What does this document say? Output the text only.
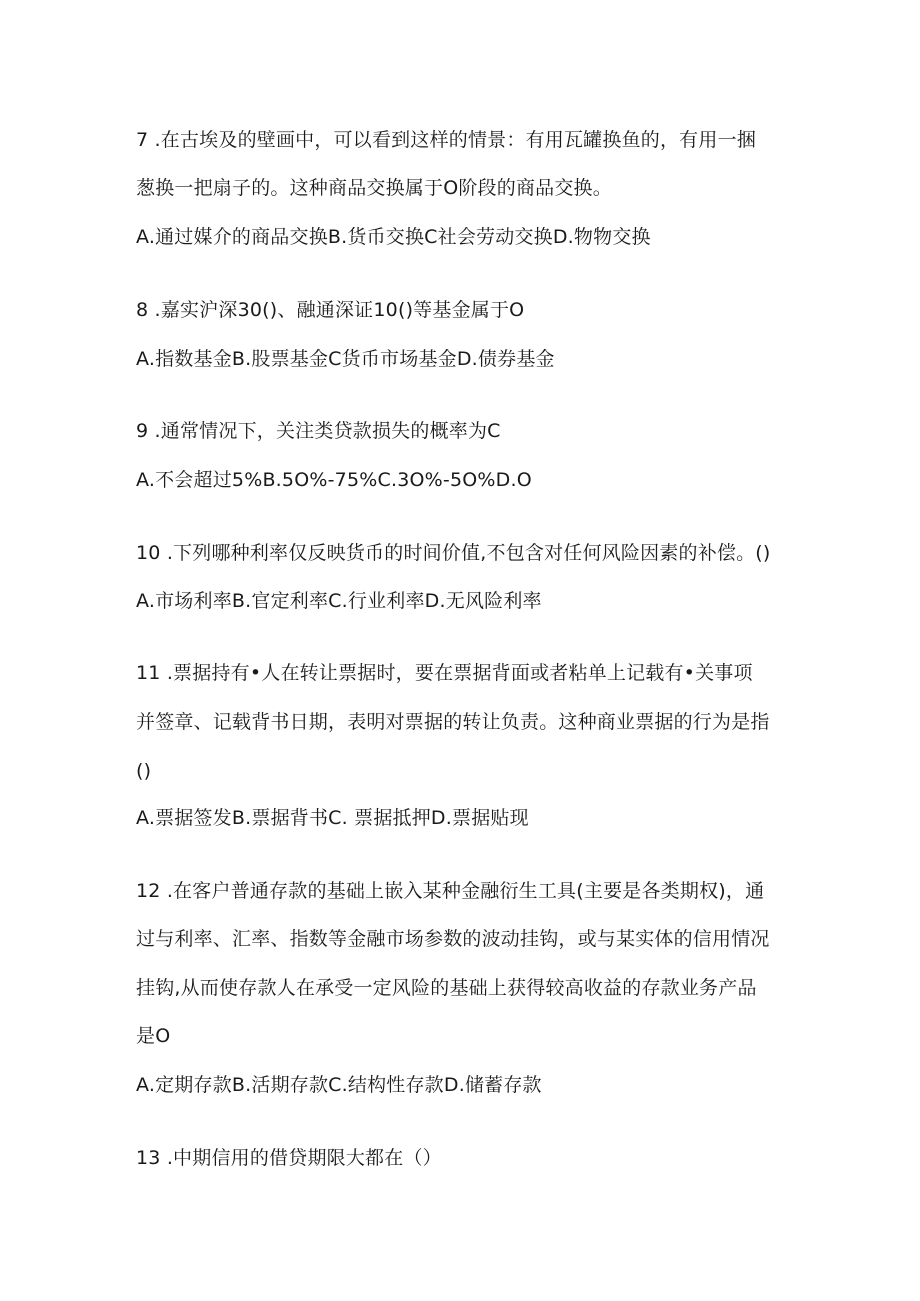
7 .在古埃及的壁画中，可以看到这样的情景：有用瓦罐换鱼的，有用一捆
葱换一把扇子的。这种商品交换属于O阶段的商品交换。
A.通过媒介的商品交换B.货币交换C社会劳动交换D.物物交换
8 .嘉实沪深30()、融通深证10()等基金属于O
A.指数基金B.股票基金C货币市场基金D.债券基金
9 .通常情况下，关注类贷款损失的概率为C
A.不会超过5%B.5O%-75%C.3O%-5O%D.O
10 .下列哪种利率仅反映货币的时间价值,不包含对任何风险因素的补偿。()
A.市场利率B.官定利率C.行业利率D.无风险利率
11 .票据持有•人在转让票据时，要在票据背面或者粘单上记载有•关事项
并签章、记载背书日期，表明对票据的转让负责。这种商业票据的行为是指
()
A.票据签发B.票据背书C. 票据抵押D.票据贴现
12 .在客户普通存款的基础上嵌入某种金融衍生工具(主要是各类期权)，通
过与利率、汇率、指数等金融市场参数的波动挂钩，或与某实体的信用情况
挂钩,从而使存款人在承受一定风险的基础上获得较高收益的存款业务产品
是O
A.定期存款B.活期存款C.结构性存款D.储蓄存款
13 .中期信用的借贷期限大都在（）
